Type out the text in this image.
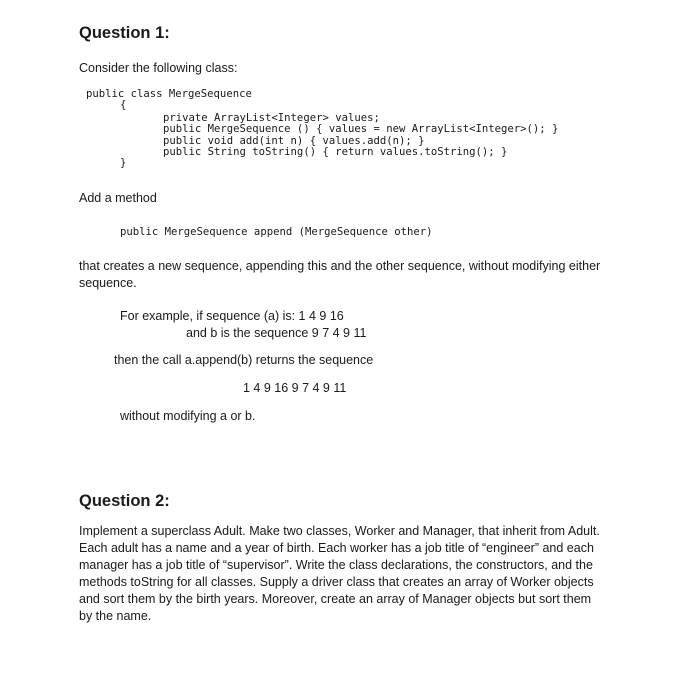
Question 1:

Consider the following class:

public class MergeSequence
{
private ArrayList<Integer> values;
public MergeSequence () { values = new ArrayList<Integer>(); }
public void add(int n) { values.add(n); }
public String toString() { return values.toString(); }
}

Add a method

public MergeSequence append (MergeSequence other)

that creates a new sequence, appending this and the other sequence, without modifying either

sequence.

For example, if sequence (a) is: 1 4 9 16

and b is the sequence 9 7 4 9 11

then the call a.append(b) returns the sequence

1 4 9 16 9 7 4 9 11

without modifying a or b.

Question 2:

Implement a superclass Adult. Make two classes, Worker and Manager, that inherit from Adult.

Each adult has a name and a year of birth. Each worker has a job title of “engineer” and each

manager has a job title of “supervisor”. Write the class declarations, the constructors, and the

methods toString for all classes. Supply a driver class that creates an array of Worker objects

and sort them by the birth years. Moreover, create an array of Manager objects but sort them

by the name.
